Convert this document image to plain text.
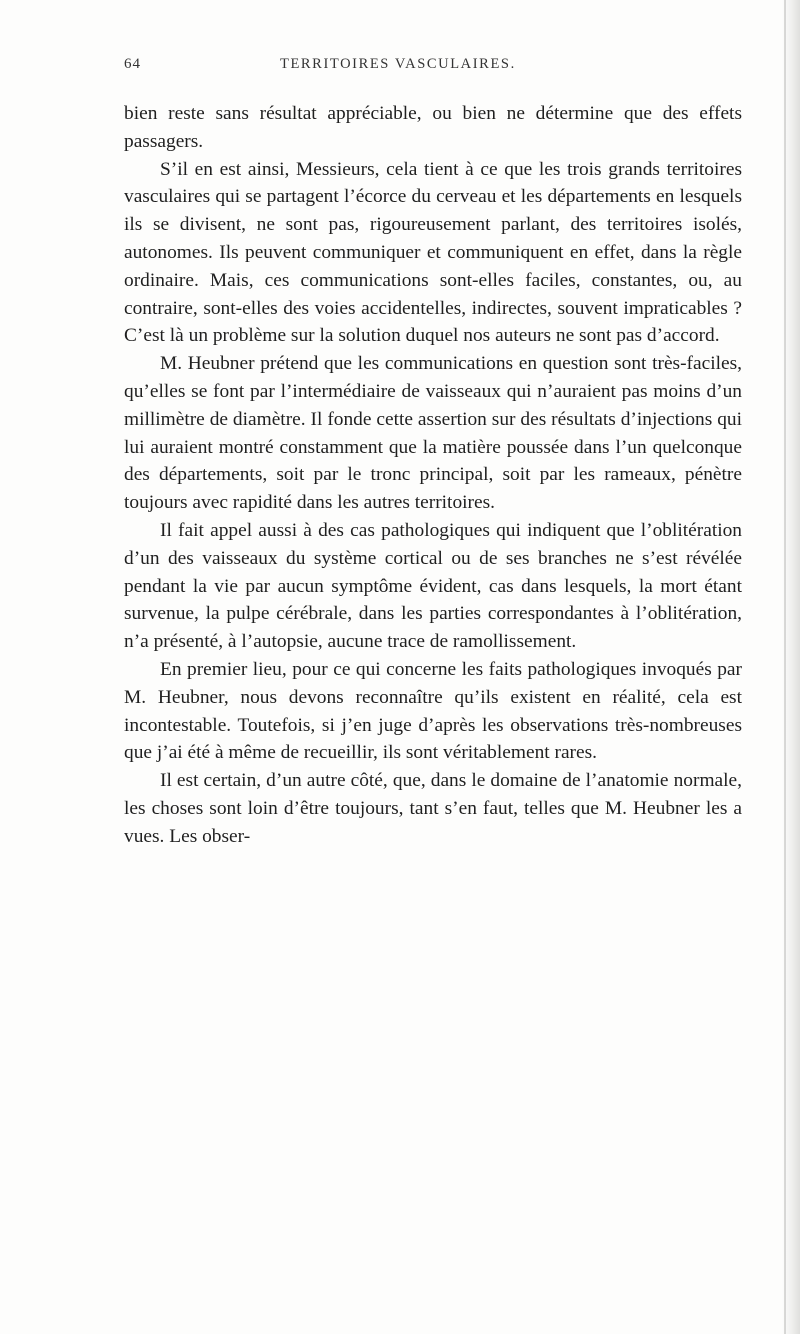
64	TERRITOIRES VASCULAIRES.

bien reste sans résultat appréciable, ou bien ne détermine que des effets passagers.

S’il en est ainsi, Messieurs, cela tient à ce que les trois grands territoires vasculaires qui se partagent l’écorce du cerveau et les départements en lesquels ils se divisent, ne sont pas, rigoureusement parlant, des territoires isolés, autonomes. Ils peuvent communiquer et communiquent en effet, dans la règle ordinaire. Mais, ces communications sont-elles faciles, constantes, ou, au contraire, sont-elles des voies accidentelles, indirectes, souvent impraticables ? C’est là un problème sur la solution duquel nos auteurs ne sont pas d’accord.

M. Heubner prétend que les communications en question sont très-faciles, qu’elles se font par l’intermédiaire de vaisseaux qui n’auraient pas moins d’un millimètre de diamètre. Il fonde cette assertion sur des résultats d’injections qui lui auraient montré constamment que la matière poussée dans l’un quelconque des départements, soit par le tronc principal, soit par les rameaux, pénètre toujours avec rapidité dans les autres territoires.

Il fait appel aussi à des cas pathologiques qui indiquent que l’oblitération d’un des vaisseaux du système cortical ou de ses branches ne s’est révélée pendant la vie par aucun symptôme évident, cas dans lesquels, la mort étant survenue, la pulpe cérébrale, dans les parties correspondantes à l’oblitération, n’a présenté, à l’autopsie, aucune trace de ramollissement.

En premier lieu, pour ce qui concerne les faits pathologiques invoqués par M. Heubner, nous devons reconnaître qu’ils existent en réalité, cela est incontestable. Toutefois, si j’en juge d’après les observations très-nombreuses que j’ai été à même de recueillir, ils sont véritablement rares.

Il est certain, d’un autre côté, que, dans le domaine de l’anatomie normale, les choses sont loin d’être toujours, tant s’en faut, telles que M. Heubner les a vues. Les obser-
